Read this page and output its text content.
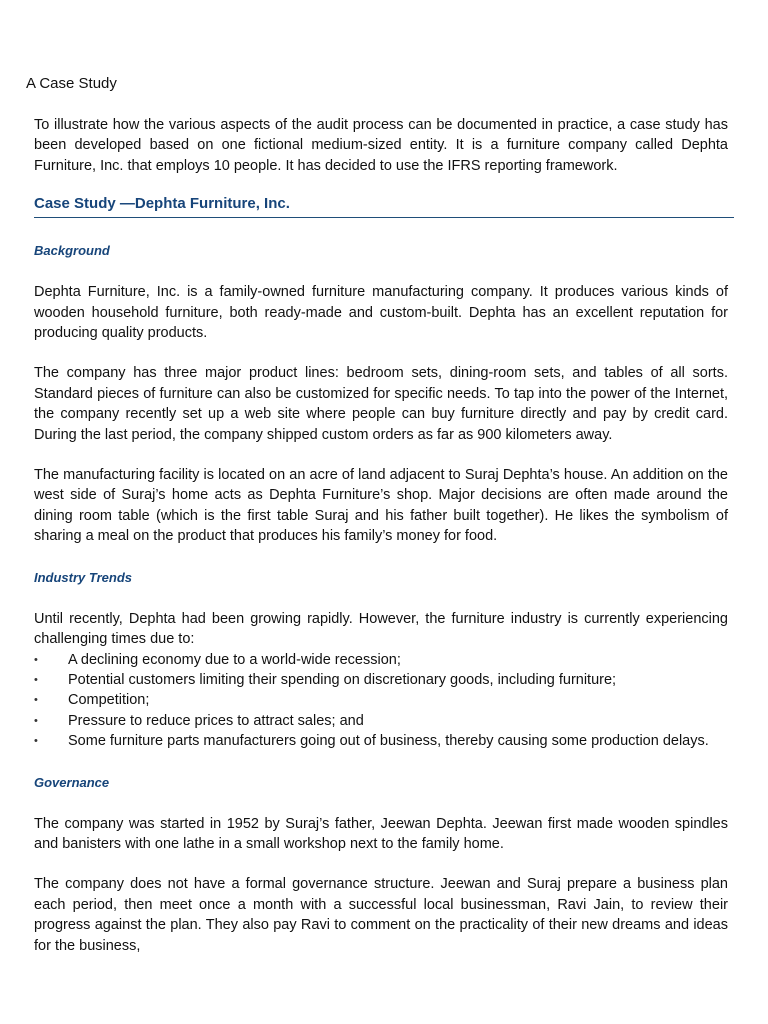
A Case Study

To illustrate how the various aspects of the audit process can be documented in practice, a case study has been developed based on one fictional medium-sized entity. It is a furniture company called Dephta Furniture, Inc. that employs 10 people. It has decided to use the IFRS reporting framework.

Case Study —Dephta Furniture, Inc.
Background

Dephta Furniture, Inc. is a family-owned furniture manufacturing company. It produces various kinds of wooden household furniture, both ready-made and custom-built. Dephta has an excellent reputation for producing quality products.

The company has three major product lines: bedroom sets, dining-room sets, and tables of all sorts. Standard pieces of furniture can also be customized for specific needs. To tap into the power of the Internet, the company recently set up a web site where people can buy furniture directly and pay by credit card. During the last period, the company shipped custom orders as far as 900 kilometers away.

The manufacturing facility is located on an acre of land adjacent to Suraj Dephta’s house. An addition on the west side of Suraj’s home acts as Dephta Furniture’s shop. Major decisions are often made around the dining room table (which is the first table Suraj and his father built together). He likes the symbolism of sharing a meal on the product that produces his family’s money for food.

Industry Trends

Until recently, Dephta had been growing rapidly. However, the furniture industry is currently experiencing challenging times due to:

• A declining economy due to a world-wide recession;
• Potential customers limiting their spending on discretionary goods, including furniture;
• Competition;
• Pressure to reduce prices to attract sales; and
• Some furniture parts manufacturers going out of business, thereby causing some production delays.
Governance

The company was started in 1952 by Suraj’s father, Jeewan Dephta. Jeewan first made wooden spindles and banisters with one lathe in a small workshop next to the family home.

The company does not have a formal governance structure. Jeewan and Suraj prepare a business plan each period, then meet once a month with a successful local businessman, Ravi Jain, to review their progress against the plan. They also pay Ravi to comment on the practicality of their new dreams and ideas for the business,
